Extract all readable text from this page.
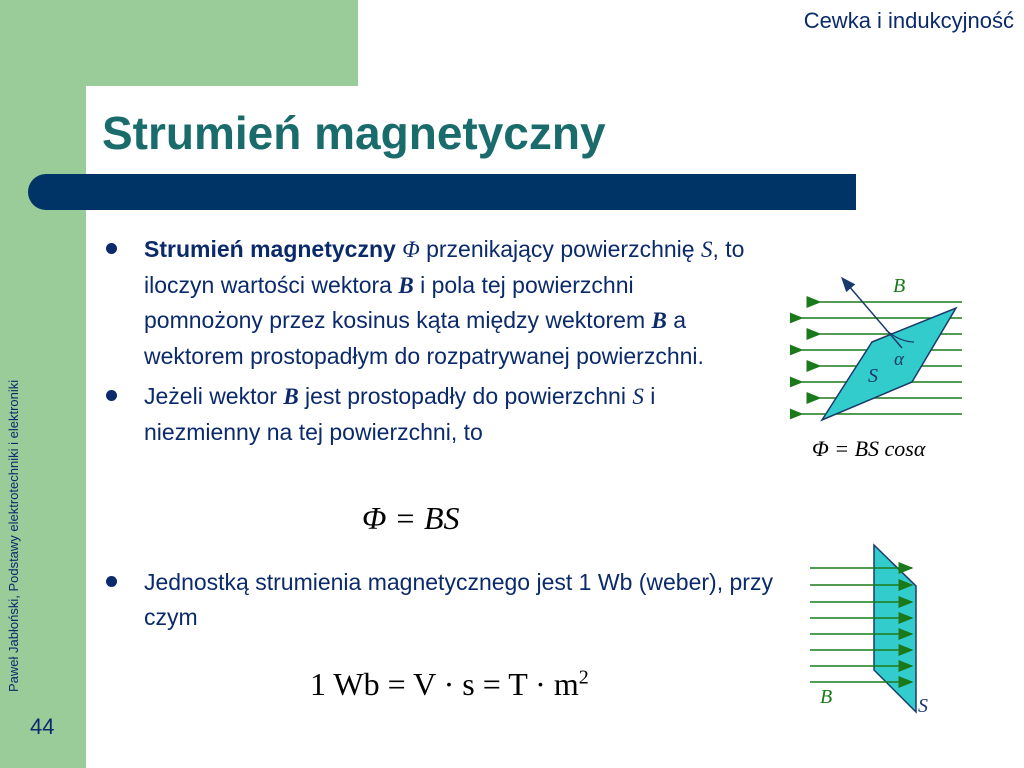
Cewka i indukcyjność
Strumień magnetyczny
Paweł Jabłoński, Podstawy elektrotechniki i elektroniki
44

Strumień magnetyczny Φ przenikający powierzchnię S, to iloczyn wartości wektora B i pola tej powierzchni pomnożony przez kosinus kąta między wektorem B a wektorem prostopadłym do rozpatrywanej powierzchni.

Jeżeli wektor B jest prostopadły do powierzchni S i niezmienny na tej powierzchni, to

Jednostką strumienia magnetycznego jest 1 Wb (weber), przy czym

Φ = BS
1 $Wb = V \cdot s = T \cdot m^2$
Φ = BS cosα
B
S
α
B	S
